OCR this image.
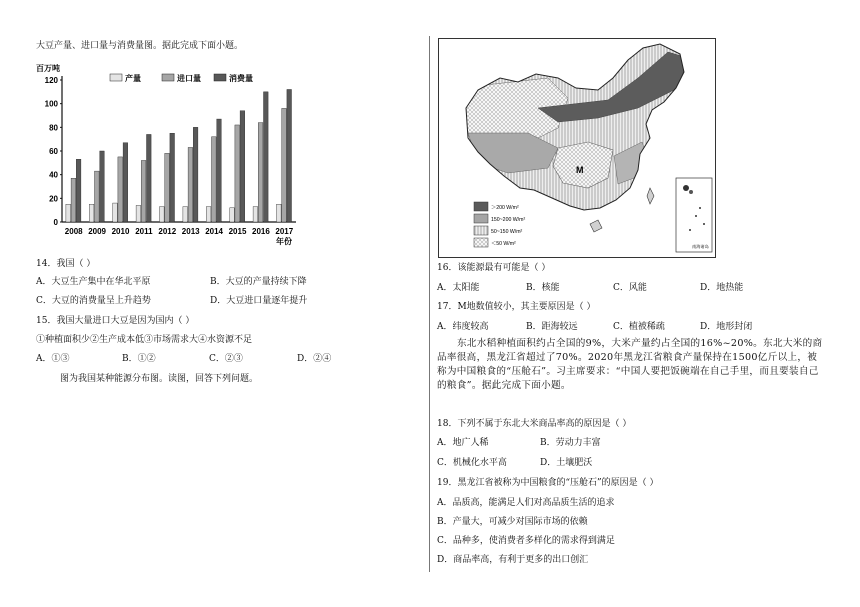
大豆产量、进口量与消费量图。据此完成下面小题。
百万吨
0
20
40
60
80
100
120
2008 2009 2010 2011 2012 2013 2014 2015 2016 2017
年份
产量	进口量	消费量
14．我国（ ）
A．大豆生产集中在华北平原	B．大豆的产量持续下降
C．大豆的消费量呈上升趋势	D．大豆进口量逐年提升
15．我国大量进口大豆是因为国内（ ）
①种植面积少②生产成本低③市场需求大④水资源不足
A．①③	B．①②	C．②③	D．②④
图为我国某种能源分布图。读图，回答下列问题。
M
＞200 W/m²
150~200 W/m²
50~150 W/m²
＜50 W/m²	南海诸岛
16．该能源最有可能是（ ）
A．太阳能	B．核能	C．风能	D．地热能
17．M地数值较小，其主要原因是（ ）
A．纬度较高	B．距海较远	C．植被稀疏	D．地形封闭
东北水稻种植面积约占全国的9%，大米产量约占全国的16%~20%。东北大米的商品率很高，黑龙江省超过了70%。2020年黑龙江省粮食产量保持在1500亿斤以上，被称为中国粮食的“压舱石”。习主席要求：“中国人要把饭碗端在自己手里，而且要装自己的粮食”。据此完成下面小题。
18．下列不属于东北大米商品率高的原因是（ ）
A．地广人稀	B．劳动力丰富
C．机械化水平高	D．土壤肥沃
19．黑龙江省被称为中国粮食的“压舱石”的原因是（ ）
A．品质高，能满足人们对高品质生活的追求
B．产量大，可减少对国际市场的依赖
C．品种多，使消费者多样化的需求得到满足
D．商品率高，有利于更多的出口创汇
